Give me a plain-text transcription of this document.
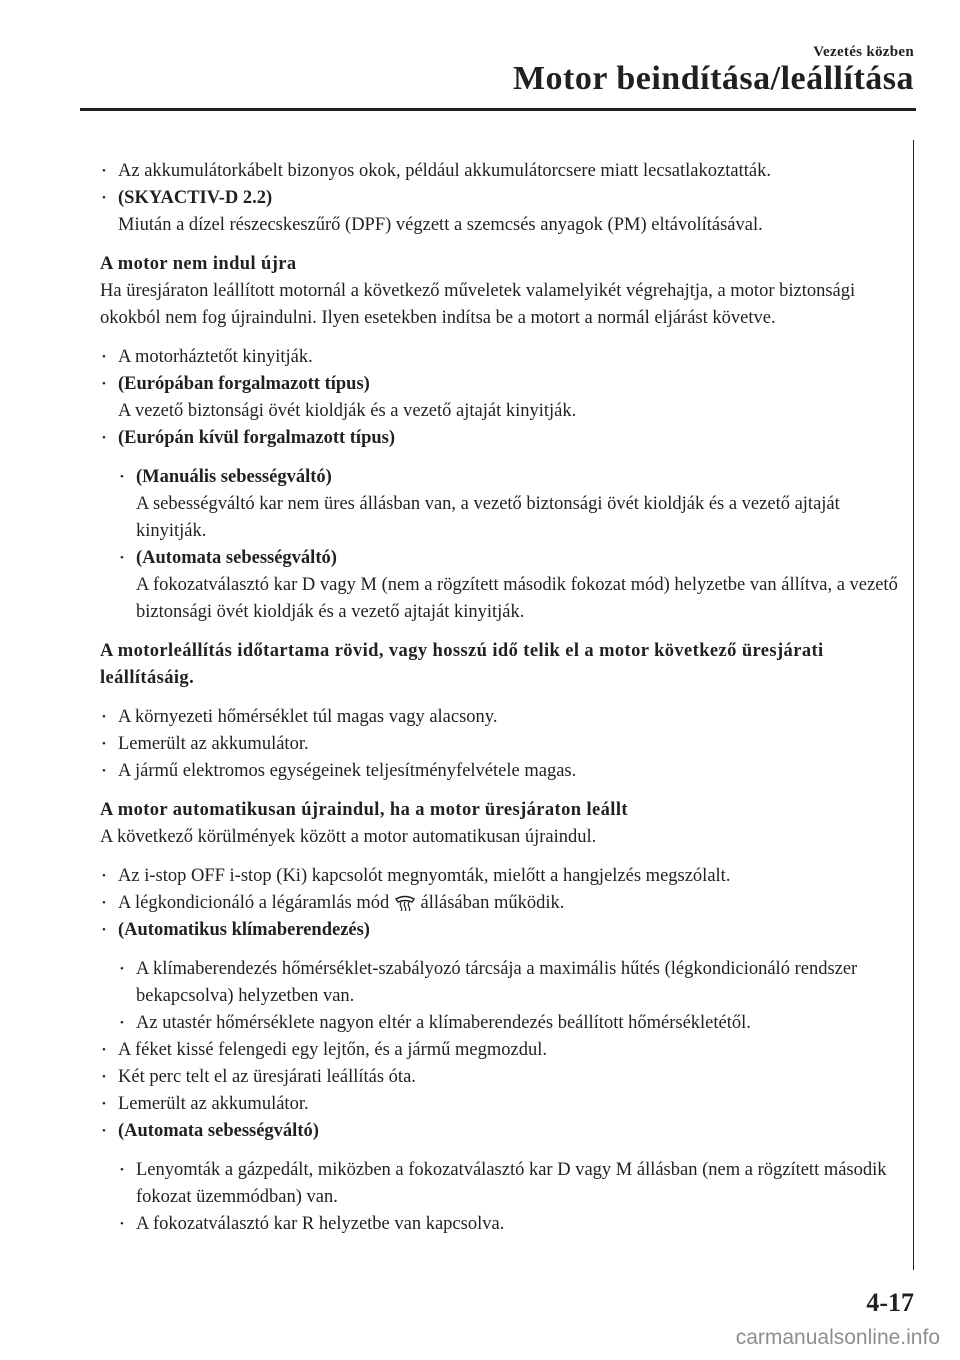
Vezetés közben
Motor beindítása/leállítása
• Az akkumulátorkábelt bizonyos okok, például akkumulátorcsere miatt lecsatlakoztatták.
• (SKYACTIV-D 2.2)
Miután a dízel részecskeszűrő (DPF) végzett a szemcsés anyagok (PM) eltávolításával.
A motor nem indul újra
Ha üresjáraton leállított motornál a következő műveletek valamelyikét végrehajtja, a motor biztonsági okokból nem fog újraindulni. Ilyen esetekben indítsa be a motort a normál eljárást követve.
• A motorháztetőt kinyitják.
• (Európában forgalmazott típus)
A vezető biztonsági övét kioldják és a vezető ajtaját kinyitják.
• (Európán kívül forgalmazott típus)
• (Manuális sebességváltó)
A sebességváltó kar nem üres állásban van, a vezető biztonsági övét kioldják és a vezető ajtaját kinyitják.
• (Automata sebességváltó)
A fokozatválasztó kar D vagy M (nem a rögzített második fokozat mód) helyzetbe van állítva, a vezető biztonsági övét kioldják és a vezető ajtaját kinyitják.
A motorleállítás időtartama rövid, vagy hosszú idő telik el a motor következő üresjárati leállításáig.
• A környezeti hőmérséklet túl magas vagy alacsony.
• Lemerült az akkumulátor.
• A jármű elektromos egységeinek teljesítményfelvétele magas.
A motor automatikusan újraindul, ha a motor üresjáraton leállt
A következő körülmények között a motor automatikusan újraindul.
• Az i-stop OFF i-stop (Ki) kapcsolót megnyomták, mielőtt a hangjelzés megszólalt.
• A légkondicionáló a légáramlás mód állásában működik.
• (Automatikus klímaberendezés)
• A klímaberendezés hőmérséklet-szabályozó tárcsája a maximális hűtés (légkondicionáló rendszer bekapcsolva) helyzetben van.
• Az utastér hőmérséklete nagyon eltér a klímaberendezés beállított hőmérsékletétől.
• A féket kissé felengedi egy lejtőn, és a jármű megmozdul.
• Két perc telt el az üresjárati leállítás óta.
• Lemerült az akkumulátor.
• (Automata sebességváltó)
• Lenyomták a gázpedált, miközben a fokozatválasztó kar D vagy M állásban (nem a rögzített második fokozat üzemmódban) van.
• A fokozatválasztó kar R helyzetbe van kapcsolva.
4-17
carmanualsonline.info
